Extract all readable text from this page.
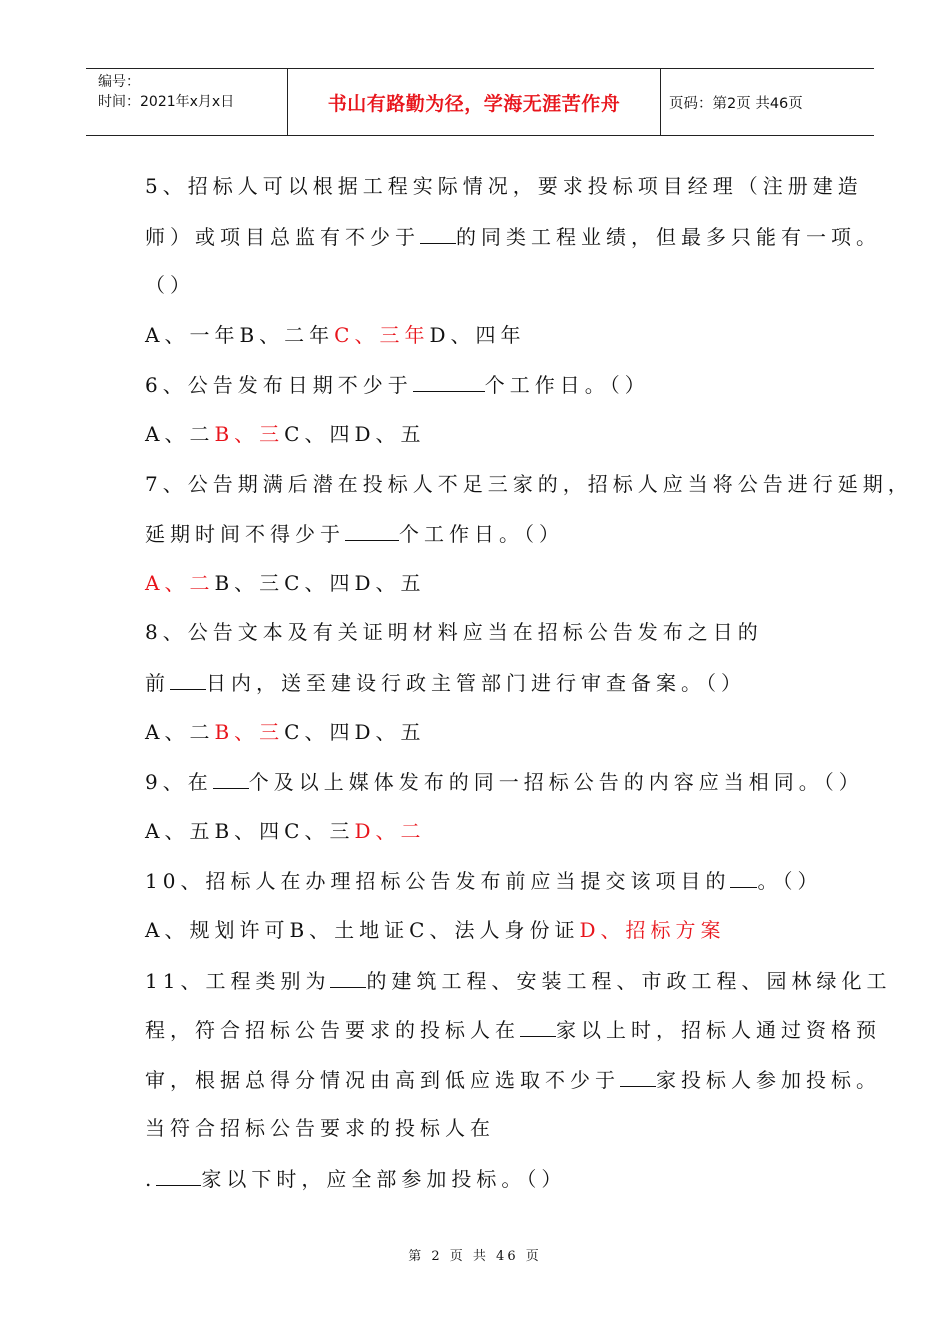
编号：
时间：2021年x月x日	书山有路勤为径，学海无涯苦作舟	页码：第2页 共46页
5、招标人可以根据工程实际情况，要求投标项目经理（注册建造
师）或项目总监有不少于 的同类工程业绩，但最多只能有一项。
（）
A、一年B、二年C、三年D、四年
6、公告发布日期不少于	个工作日。（）
A、二B、三C、四D、五
7、公告期满后潜在投标人不足三家的，招标人应当将公告进行延期，
延期时间不得少于	个工作日。（）
A、二B、三C、四D、五
8、公告文本及有关证明材料应当在招标公告发布之日的
前 日内，送至建设行政主管部门进行审查备案。（）
A、二B、三C、四D、五
9、在 个及以上媒体发布的同一招标公告的内容应当相同。（）
A、五B、四C、三D、二
10、招标人在办理招标公告发布前应当提交该项目的 。（）
A、规划许可B、土地证C、法人身份证D、招标方案
11、工程类别为 的建筑工程、安装工程、市政工程、园林绿化工
程，符合招标公告要求的投标人在 家以上时，招标人通过资格预
审，根据总得分情况由高到低应选取不少于 家投标人参加投标。
当符合招标公告要求的投标人在
. 家以下时，应全部参加投标。（）
第 2 页 共 46 页
